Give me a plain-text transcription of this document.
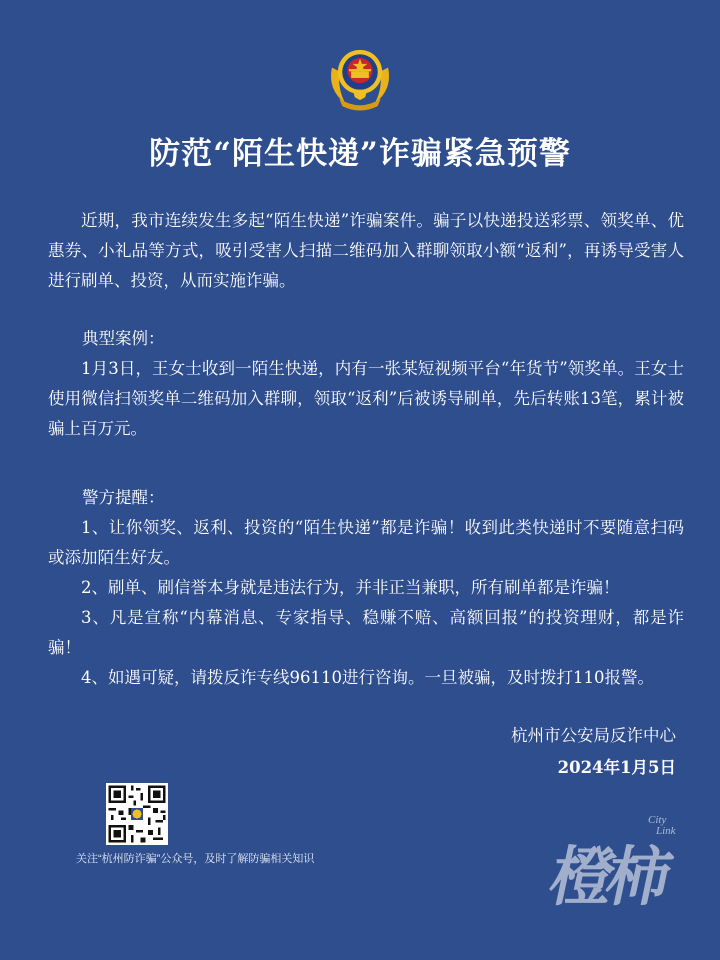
防范“陌生快递”诈骗紧急预警
近期，我市连续发生多起“陌生快递”诈骗案件。骗子以快递投送彩票、领奖单、优惠券、小礼品等方式，吸引受害人扫描二维码加入群聊领取小额“返利”，再诱导受害人进行刷单、投资，从而实施诈骗。
典型案例：
1月3日，王女士收到一陌生快递，内有一张某短视频平台“年货节”领奖单。王女士使用微信扫领奖单二维码加入群聊，领取“返利”后被诱导刷单，先后转账13笔，累计被骗上百万元。
警方提醒：

1、让你领奖、返利、投资的“陌生快递”都是诈骗！收到此类快递时不要随意扫码或添加陌生好友。

2、刷单、刷信誉本身就是违法行为，并非正当兼职，所有刷单都是诈骗！

3、凡是宣称“内幕消息、专家指导、稳赚不赔、高额回报”的投资理财，都是诈骗！

4、如遇可疑，请拨反诈专线96110进行咨询。一旦被骗，及时拨打110报警。

杭州市公安局反诈中心
2024年1月5日
关注“杭州防诈骗”公众号，及时了解防骗相关知识	橙柿
City
Link
